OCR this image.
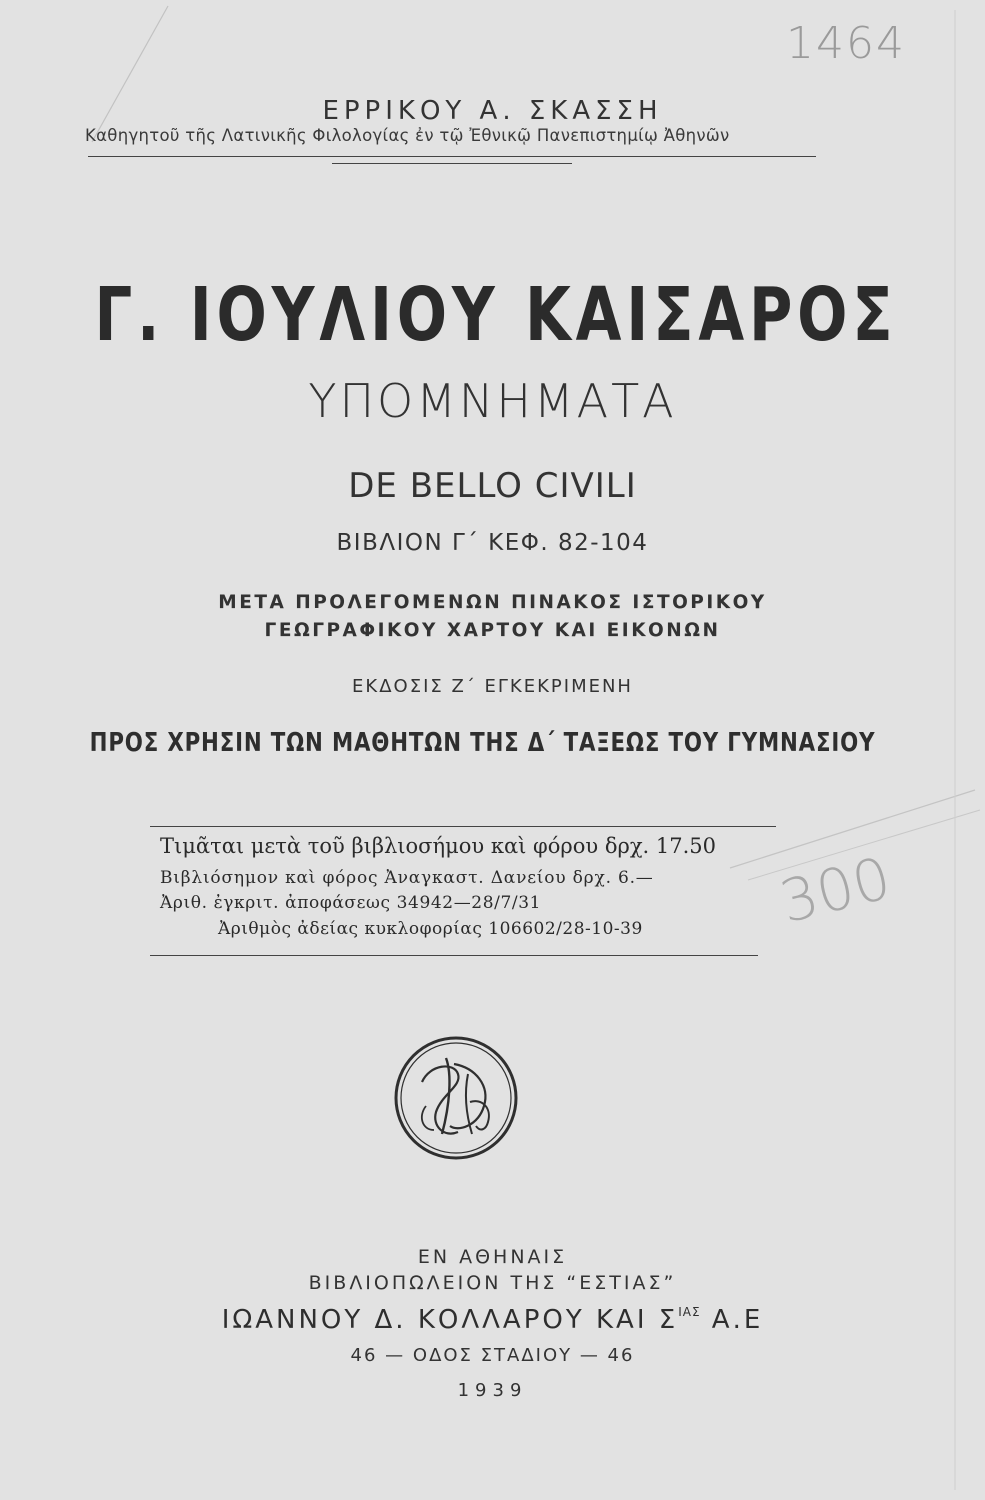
1464
300
ΕΡΡΙΚΟΥ Α. ΣΚΑΣΣΗ
Καθηγητοῦ τῆς Λατινικῆς Φιλολογίας ἐν τῷ Ἐθνικῷ Πανεπιστημίῳ Ἀθηνῶν
Γ. ΙΟΥΛΙΟΥ ΚΑΙΣΑΡΟΣ
ΥΠΟΜΝΗΜΑΤΑ
DE BELLO CIVILI
ΒΙΒΛΙΟΝ Γ΄ ΚΕΦ. 82-104
ΜΕΤΑ ΠΡΟΛΕΓΟΜΕΝΩΝ ΠΙΝΑΚΟΣ ΙΣΤΟΡΙΚΟΥ
ΓΕΩΓΡΑΦΙΚΟΥ ΧΑΡΤΟΥ ΚΑΙ ΕΙΚΟΝΩΝ
ΕΚΔΟΣΙΣ Ζ΄ ΕΓΚΕΚΡΙΜΕΝΗ
ΠΡΟΣ ΧΡΗΣΙΝ ΤΩΝ ΜΑΘΗΤΩΝ ΤΗΣ Δ΄ ΤΑΞΕΩΣ ΤΟΥ ΓΥΜΝΑΣΙΟΥ
Τιμᾶται μετὰ τοῦ βιβλιοσήμου καὶ φόρου δρχ. 17.50
Βιβλιόσημον καὶ φόρος Ἀναγκαστ. Δανείου δρχ. 6.—
Ἀριθ. ἐγκριτ. ἀποφάσεως 34942—28/7/31
Ἀριθμὸς ἀδείας κυκλοφορίας 106602/28-10-39
ΕΝ ΑΘΗΝΑΙΣ
ΒΙΒΛΙΟΠΩΛΕΙΟΝ ΤΗΣ “ΕΣΤΙΑΣ”
ΙΩΑΝΝΟΥ Δ. ΚΟΛΛΑΡΟΥ ΚΑΙ $\Sigma^{IA\Sigma}$ Α.Ε
46 — ΟΔΟΣ ΣΤΑΔΙΟΥ — 46
1939
